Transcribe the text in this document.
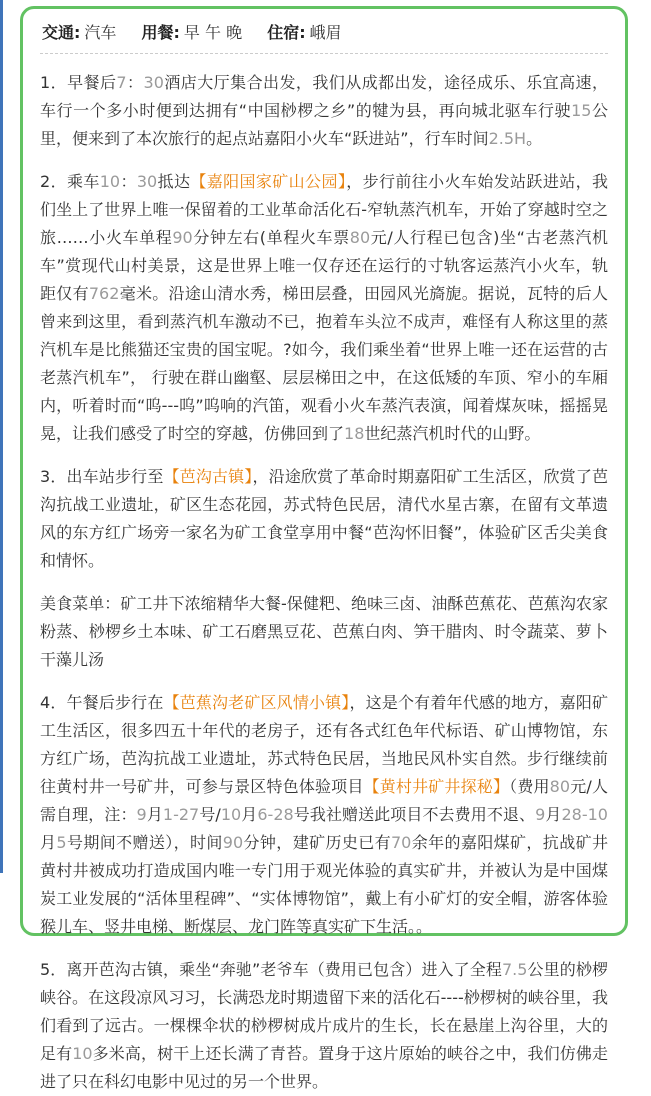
交通: 汽车 用餐: 早 午 晚 住宿: 峨眉

1．早餐后7：30酒店大厅集合出发，我们从成都出发，途径成乐、乐宜高速，车行一个多小时便到达拥有“中国桫椤之乡”的犍为县，再向城北驱车行驶15公里，便来到了本次旅行的起点站嘉阳小火车“跃进站”，行车时间2.5H。

2．乘车10：30抵达【嘉阳国家矿山公园】，步行前往小火车始发站跃进站，我们坐上了世界上唯一保留着的工业革命活化石-窄轨蒸汽机车，开始了穿越时空之旅……小火车单程90分钟左右(单程火车票80元/人行程已包含)坐“古老蒸汽机车”赏现代山村美景，这是世界上唯一仅存还在运行的寸轨客运蒸汽小火车，轨距仅有762毫米。沿途山清水秀，梯田层叠，田园风光旖旎。据说，瓦特的后人曾来到这里，看到蒸汽机车激动不已，抱着车头泣不成声，难怪有人称这里的蒸汽机车是比熊猫还宝贵的国宝呢。?如今，我们乘坐着“世界上唯一还在运营的古老蒸汽机车”， 行驶在群山幽壑、层层梯田之中，在这低矮的车顶、窄小的车厢内，听着时而“呜---呜”呜响的汽笛，观看小火车蒸汽表演，闻着煤灰味，摇摇晃晃，让我们感受了时空的穿越，仿佛回到了18世纪蒸汽机时代的山野。

3．出车站步行至【芭沟古镇】，沿途欣赏了革命时期嘉阳矿工生活区，欣赏了芭沟抗战工业遗址，矿区生态花园，苏式特色民居，清代水星古寨，在留有文革遗风的东方红广场旁一家名为矿工食堂享用中餐“芭沟怀旧餐”，体验矿区舌尖美食和情怀。

美食菜单：矿工井下浓缩精华大餐-保健粑、绝味三卤、油酥芭蕉花、芭蕉沟农家粉蒸、桫椤乡土本味、矿工石磨黑豆花、芭蕉白肉、笋干腊肉、时令蔬菜、萝卜干藻儿汤

4．午餐后步行在【芭蕉沟老矿区风情小镇】，这是个有着年代感的地方，嘉阳矿工生活区，很多四五十年代的老房子，还有各式红色年代标语、矿山博物馆，东方红广场，芭沟抗战工业遗址，苏式特色民居，当地民风朴实自然。步行继续前往黄村井一号矿井，可参与景区特色体验项目【黄村井矿井探秘】（费用80元/人需自理，注：9月1-27号/10月6-28号我社赠送此项目不去费用不退、9月28-10月5号期间不赠送），时间90分钟，建矿历史已有70余年的嘉阳煤矿，抗战矿井黄村井被成功打造成国内唯一专门用于观光体验的真实矿井，并被认为是中国煤炭工业发展的“活体里程碑”、“实体博物馆”，戴上有小矿灯的安全帽，游客体验猴儿车、竖井电梯、断煤层、龙门阵等真实矿下生活。。

5．离开芭沟古镇，乘坐“奔驰”老爷车（费用已包含）进入了全程7.5公里的桫椤峡谷。在这段凉风习习，长满恐龙时期遗留下来的活化石----桫椤树的峡谷里，我们看到了远古。一棵棵伞状的桫椤树成片成片的生长，长在悬崖上沟谷里，大的足有10多米高，树干上还长满了青苔。置身于这片原始的峡谷之中，我们仿佛走进了只在科幻电影中见过的另一个世界。
